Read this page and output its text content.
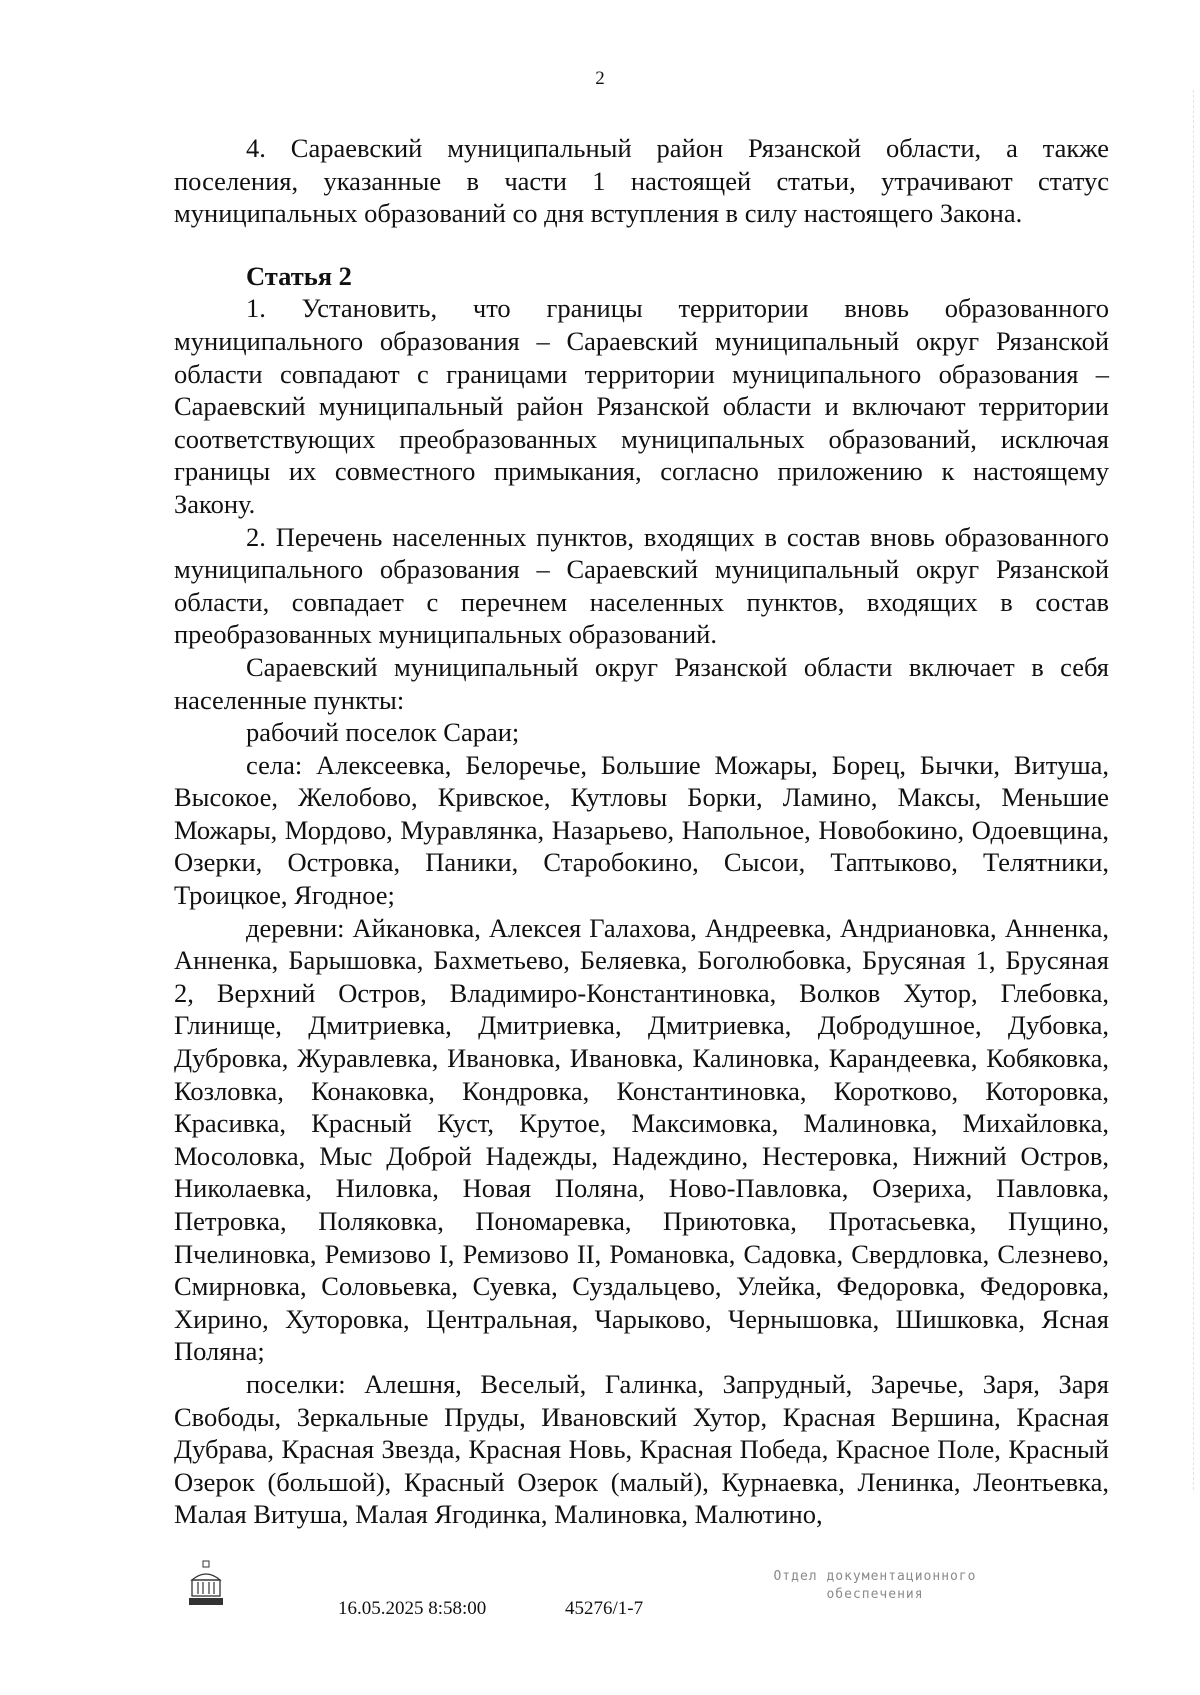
2

4. Сараевский муниципальный район Рязанской области, а также поселения, указанные в части 1 настоящей статьи, утрачивают статус муниципальных образований со дня вступления в силу настоящего Закона.

Статья 2

1. Установить, что границы территории вновь образованного муниципального образования – Сараевский муниципальный округ Рязанской области совпадают с границами территории муниципального образования – Сараевский муниципальный район Рязанской области и включают территории соответствующих преобразованных муниципальных образований, исключая границы их совместного примыкания, согласно приложению к настоящему Закону.

2. Перечень населенных пунктов, входящих в состав вновь образованного муниципального образования – Сараевский муниципальный округ Рязанской области, совпадает с перечнем населенных пунктов, входящих в состав преобразованных муниципальных образований.

Сараевский муниципальный округ Рязанской области включает в себя населенные пункты:

рабочий поселок Сараи;

села: Алексеевка, Белоречье, Большие Можары, Борец, Бычки, Витуша, Высокое, Желобово, Кривское, Кутловы Борки, Ламино, Максы, Меньшие Можары, Мордово, Муравлянка, Назарьево, Напольное, Новобокино, Одоевщина, Озерки, Островка, Паники, Старобокино, Сысои, Таптыково, Телятники, Троицкое, Ягодное;

деревни: Айкановка, Алексея Галахова, Андреевка, Андриановка, Анненка, Анненка, Барышовка, Бахметьево, Беляевка, Боголюбовка, Брусяная 1, Брусяная 2, Верхний Остров, Владимиро-Константиновка, Волков Хутор, Глебовка, Глинище, Дмитриевка, Дмитриевка, Дмитриевка, Добродушное, Дубовка, Дубровка, Журавлевка, Ивановка, Ивановка, Калиновка, Карандеевка, Кобяковка, Козловка, Конаковка, Кондровка, Константиновка, Коротково, Которовка, Красивка, Красный Куст, Крутое, Максимовка, Малиновка, Михайловка, Мосоловка, Мыс Доброй Надежды, Надеждино, Нестеровка, Нижний Остров, Николаевка, Ниловка, Новая Поляна, Ново-Павловка, Озериха, Павловка, Петровка, Поляковка, Пономаревка, Приютовка, Протасьевка, Пущино, Пчелиновка, Ремизово I, Ремизово II, Романовка, Садовка, Свердловка, Слезнево, Смирновка, Соловьевка, Суевка, Суздальцево, Улейка, Федоровка, Федоровка, Хирино, Хуторовка, Центральная, Чарыково, Чернышовка, Шишковка, Ясная Поляна;

поселки: Алешня, Веселый, Галинка, Запрудный, Заречье, Заря, Заря Свободы, Зеркальные Пруды, Ивановский Хутор, Красная Вершина, Красная Дубрава, Красная Звезда, Красная Новь, Красная Победа, Красное Поле, Красный Озерок (большой), Красный Озерок (малый), Курнаевка, Ленинка, Леонтьевка, Малая Витуша, Малая Ягодинка, Малиновка, Малютино,

16.05.2025 8:58:00	45276/1-7
Отдел документационного
обеспечения
